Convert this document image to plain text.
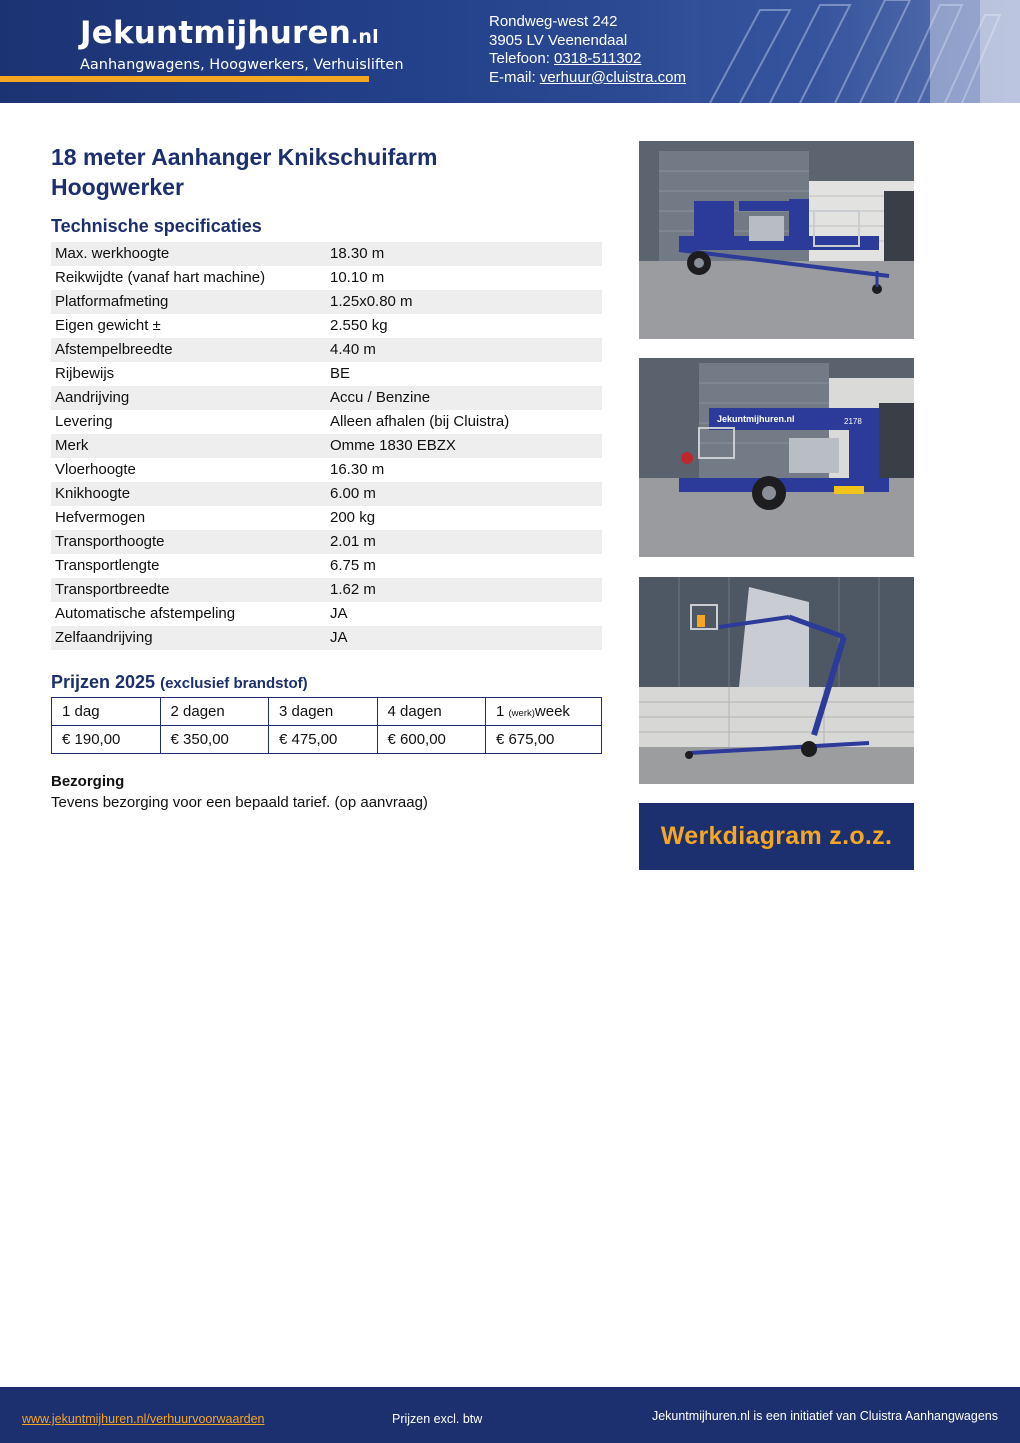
Jekuntmijhuren.nl
Aanhangwagens, Hoogwerkers, Verhuisliften
Rondweg-west 242
3905 LV Veenendaal
Telefoon: 0318-511302
E-mail: verhuur@cluistra.com
18 meter Aanhanger Knikschuifarm Hoogwerker
Technische specificaties
Max. werkhoogte	18.30 m
Reikwijdte (vanaf hart machine)	10.10 m
Platformafmeting	1.25x0.80 m
Eigen gewicht ±	2.550 kg
Afstempelbreedte	4.40 m
Rijbewijs	BE
Aandrijving	Accu / Benzine
Levering	Alleen afhalen (bij Cluistra)
Merk	Omme 1830 EBZX
Vloerhoogte	16.30 m
Knikhoogte	6.00 m
Hefvermogen	200 kg
Transporthoogte	2.01 m
Transportlengte	6.75 m
Transportbreedte	1.62 m
Automatische afstempeling	JA
Zelfaandrijving	JA
Prijzen 2025 (exclusief brandstof)
1 dag	2 dagen	3 dagen	4 dagen	1 (werk)week
€ 190,00	€ 350,00	€ 475,00	€ 600,00	€ 675,00
Bezorging
Tevens bezorging voor een bepaald tarief. (op aanvraag)
Jekuntmijhuren.nl	2178
Werkdiagram z.o.z.
www.jekuntmijhuren.nl/verhuurvoorwaarden	Prijzen excl. btw	Jekuntmijhuren.nl is een initiatief van Cluistra Aanhangwagens
